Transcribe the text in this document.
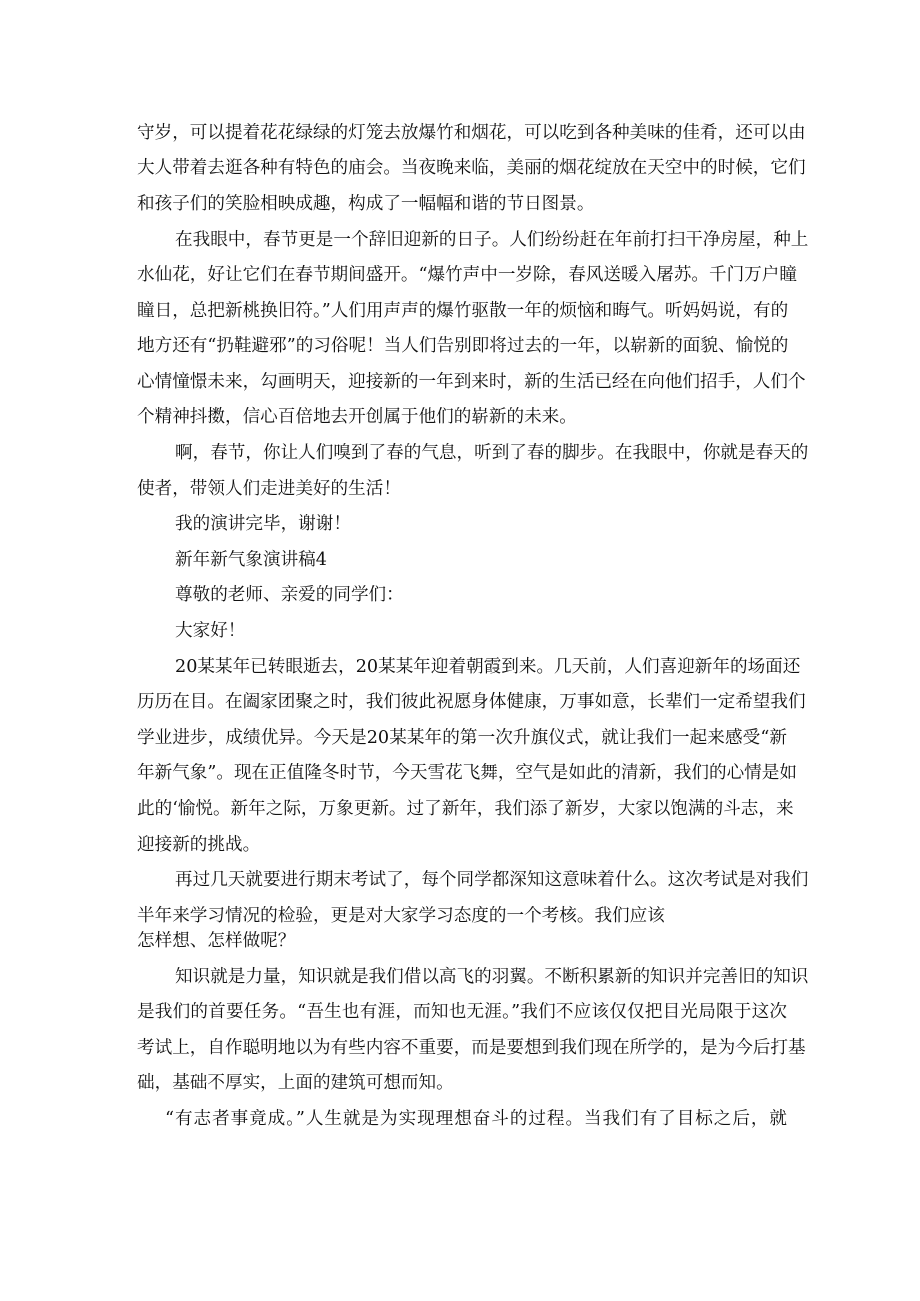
守岁，可以提着花花绿绿的灯笼去放爆竹和烟花，可以吃到各种美味的佳肴，还可以由
大人带着去逛各种有特色的庙会。当夜晚来临，美丽的烟花绽放在天空中的时候，它们
和孩子们的笑脸相映成趣，构成了一幅幅和谐的节日图景。
在我眼中，春节更是一个辞旧迎新的日子。人们纷纷赶在年前打扫干净房屋，种上
水仙花，好让它们在春节期间盛开。“爆竹声中一岁除，春风送暖入屠苏。千门万户瞳
瞳日，总把新桃换旧符。”人们用声声的爆竹驱散一年的烦恼和晦气。听妈妈说，有的
地方还有“扔鞋避邪”的习俗呢！当人们告别即将过去的一年，以崭新的面貌、愉悦的
心情憧憬未来，勾画明天，迎接新的一年到来时，新的生活已经在向他们招手，人们个
个精神抖擞，信心百倍地去开创属于他们的崭新的未来。
啊，春节，你让人们嗅到了春的气息，听到了春的脚步。在我眼中，你就是春天的
使者，带领人们走进美好的生活！
我的演讲完毕，谢谢！
新年新气象演讲稿4
尊敬的老师、亲爱的同学们：
大家好！
20某某年已转眼逝去，20某某年迎着朝霞到来。几天前，人们喜迎新年的场面还
历历在目。在阖家团聚之时，我们彼此祝愿身体健康，万事如意，长辈们一定希望我们
学业进步，成绩优异。今天是20某某年的第一次升旗仪式，就让我们一起来感受“新
年新气象”。现在正值隆冬时节，今天雪花飞舞，空气是如此的清新，我们的心情是如
此的‘愉悦。新年之际，万象更新。过了新年，我们添了新岁，大家以饱满的斗志，来
迎接新的挑战。
再过几天就要进行期末考试了，每个同学都深知这意味着什么。这次考试是对我们
半年来学习情况的检验，更是对大家学习态度的一个考核。我们应该
怎样想、怎样做呢？
知识就是力量，知识就是我们借以高飞的羽翼。不断积累新的知识并完善旧的知识
是我们的首要任务。“吾生也有涯，而知也无涯。”我们不应该仅仅把目光局限于这次
考试上，自作聪明地以为有些内容不重要，而是要想到我们现在所学的，是为今后打基
础，基础不厚实，上面的建筑可想而知。
“有志者事竟成。”人生就是为实现理想奋斗的过程。当我们有了目标之后，就
